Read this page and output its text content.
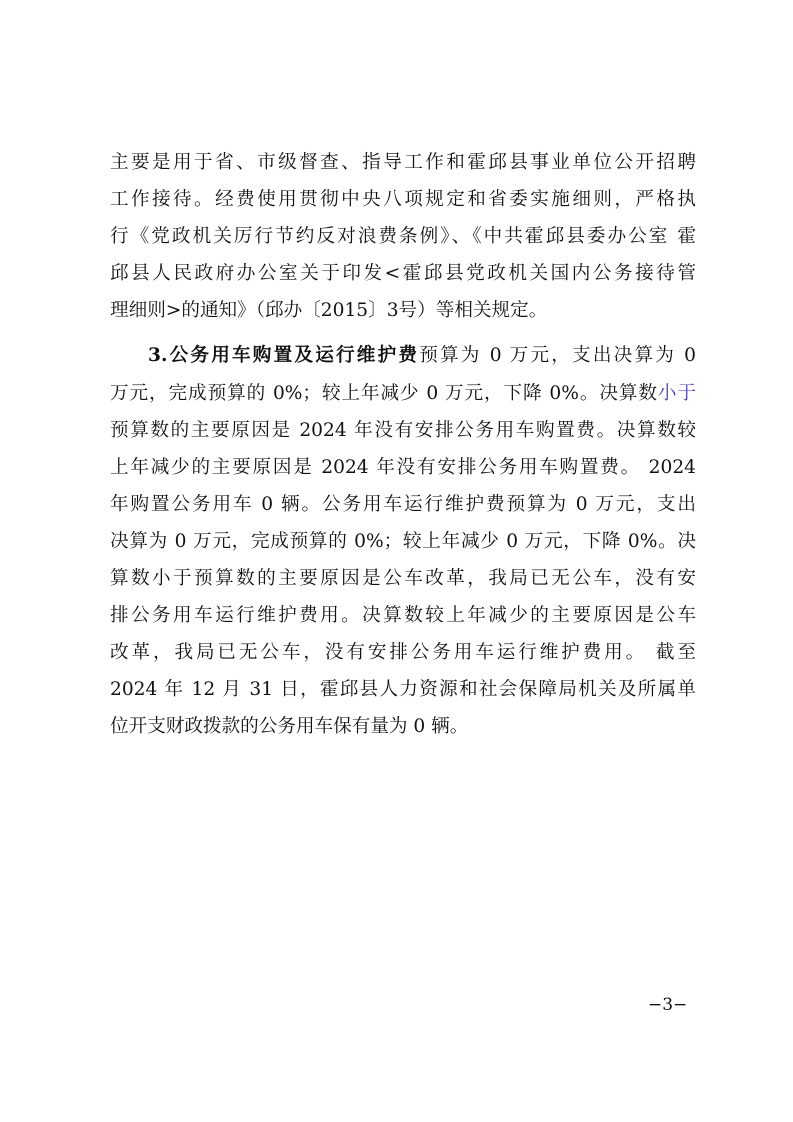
主要是用于省、市级督查、指导工作和霍邱县事业单位公开招聘
工作接待。经费使用贯彻中央八项规定和省委实施细则，严格执
行《党政机关厉行节约反对浪费条例》、《中共霍邱县委办公室 霍
邱县人民政府办公室关于印发<霍邱县党政机关国内公务接待管
理细则>的通知》（邱办〔2015〕3号）等相关规定。
3.公务用车购置及运行维护费预算为 0 万元，支出决算为 0
万元，完成预算的 0%；较上年减少 0 万元，下降 0%。决算数小于
预算数的主要原因是 2024 年没有安排公务用车购置费。决算数较
上年减少的主要原因是 2024 年没有安排公务用车购置费。 2024
年购置公务用车 0 辆。公务用车运行维护费预算为 0 万元，支出
决算为 0 万元，完成预算的 0%；较上年减少 0 万元，下降 0%。决
算数小于预算数的主要原因是公车改革，我局已无公车，没有安
排公务用车运行维护费用。决算数较上年减少的主要原因是公车
改革，我局已无公车，没有安排公务用车运行维护费用。 截至
2024 年 12 月 31 日，霍邱县人力资源和社会保障局机关及所属单
位开支财政拨款的公务用车保有量为 0 辆。
−3−
